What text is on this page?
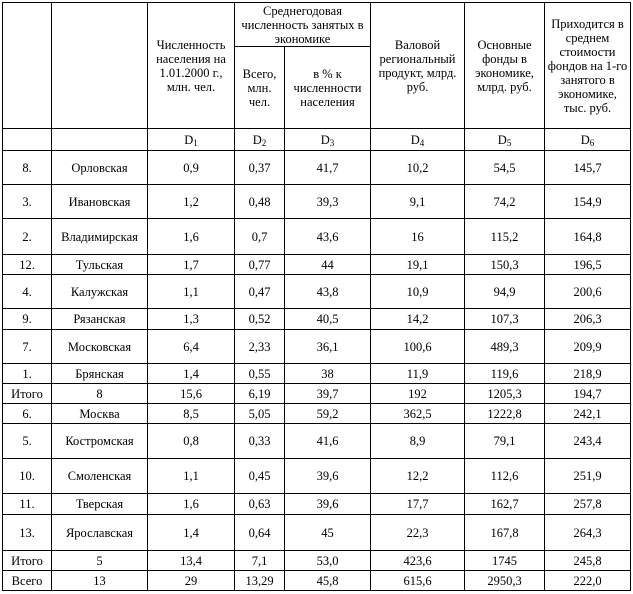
		Численность населения на 1.01.2000 г., млн. чел.	Среднегодовая численность занятых в экономике		Валовой региональный продукт, млрд. руб.	Основные фонды в экономике, млрд. руб.	Приходится в среднем стоимости фондов на 1-го занятого в экономике, тыс. руб.
			Всего, млн. чел.	в % к численности населения			
		$D_1$	$D_2$	$D_3$	$D_4$	$D_5$	$D_6$
8.	Орловская	0,9	0,37	41,7	10,2	54,5	145,7
3.	Ивановская	1,2	0,48	39,3	9,1	74,2	154,9
2.	Владимирская	1,6	0,7	43,6	16	115,2	164,8
12.	Тульская	1,7	0,77	44	19,1	150,3	196,5
4.	Калужская	1,1	0,47	43,8	10,9	94,9	200,6
9.	Рязанская	1,3	0,52	40,5	14,2	107,3	206,3
7.	Московская	6,4	2,33	36,1	100,6	489,3	209,9
1.	Брянская	1,4	0,55	38	11,9	119,6	218,9
Итого	8	15,6	6,19	39,7	192	1205,3	194,7
6.	Москва	8,5	5,05	59,2	362,5	1222,8	242,1
5.	Костромская	0,8	0,33	41,6	8,9	79,1	243,4
10.	Смоленская	1,1	0,45	39,6	12,2	112,6	251,9
11.	Тверская	1,6	0,63	39,6	17,7	162,7	257,8
13.	Ярославская	1,4	0,64	45	22,3	167,8	264,3
Итого	5	13,4	7,1	53,0	423,6	1745	245,8
Всего	13	29	13,29	45,8	615,6	2950,3	222,0
